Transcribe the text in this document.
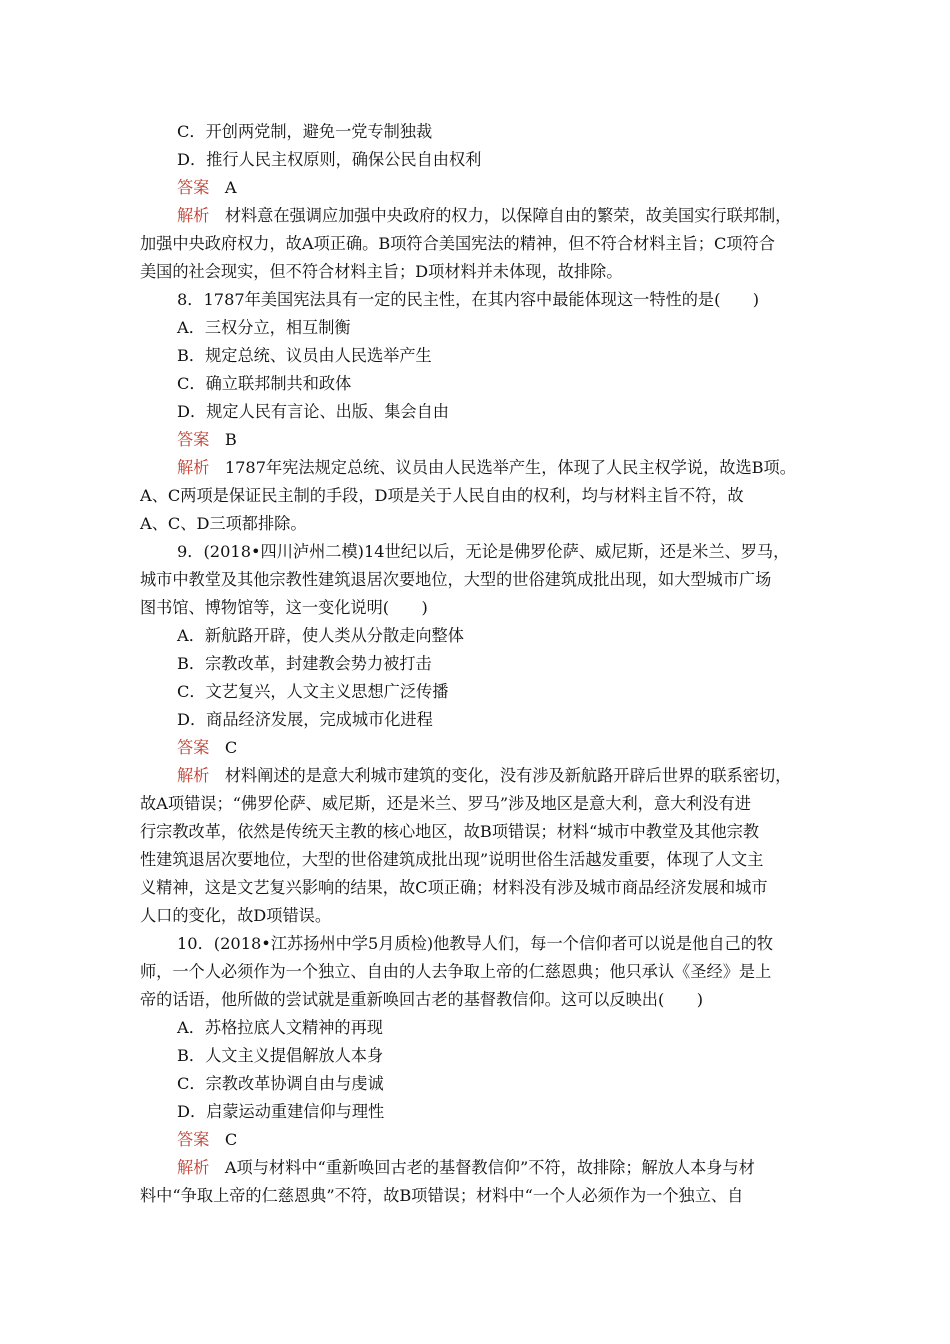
C．开创两党制，避免一党专制独裁
D．推行人民主权原则，确保公民自由权利
答案 A
解析 材料意在强调应加强中央政府的权力，以保障自由的繁荣，故美国实行联邦制，
加强中央政府权力，故A项正确。B项符合美国宪法的精神，但不符合材料主旨；C项符合
美国的社会现实，但不符合材料主旨；D项材料并未体现，故排除。
8．1787年美国宪法具有一定的民主性，在其内容中最能体现这一特性的是(　　)
A．三权分立，相互制衡
B．规定总统、议员由人民选举产生
C．确立联邦制共和政体
D．规定人民有言论、出版、集会自由
答案 B
解析 1787年宪法规定总统、议员由人民选举产生，体现了人民主权学说，故选B项。
A、C两项是保证民主制的手段，D项是关于人民自由的权利，均与材料主旨不符，故
A、C、D三项都排除。
9．(2018•四川泸州二模)14世纪以后，无论是佛罗伦萨、威尼斯，还是米兰、罗马，
城市中教堂及其他宗教性建筑退居次要地位，大型的世俗建筑成批出现，如大型城市广场
图书馆、博物馆等，这一变化说明(　　)
A．新航路开辟，使人类从分散走向整体
B．宗教改革，封建教会势力被打击
C．文艺复兴，人文主义思想广泛传播
D．商品经济发展，完成城市化进程
答案 C
解析 材料阐述的是意大利城市建筑的变化，没有涉及新航路开辟后世界的联系密切，
故A项错误；“佛罗伦萨、威尼斯，还是米兰、罗马”涉及地区是意大利，意大利没有进
行宗教改革，依然是传统天主教的核心地区，故B项错误；材料“城市中教堂及其他宗教
性建筑退居次要地位，大型的世俗建筑成批出现”说明世俗生活越发重要，体现了人文主
义精神，这是文艺复兴影响的结果，故C项正确；材料没有涉及城市商品经济发展和城市
人口的变化，故D项错误。
10．(2018•江苏扬州中学5月质检)他教导人们，每一个信仰者可以说是他自己的牧
师，一个人必须作为一个独立、自由的人去争取上帝的仁慈恩典；他只承认《圣经》是上
帝的话语，他所做的尝试就是重新唤回古老的基督教信仰。这可以反映出(　　)
A．苏格拉底人文精神的再现
B．人文主义提倡解放人本身
C．宗教改革协调自由与虔诚
D．启蒙运动重建信仰与理性
答案 C
解析 A项与材料中“重新唤回古老的基督教信仰”不符，故排除；解放人本身与材
料中“争取上帝的仁慈恩典”不符，故B项错误；材料中“一个人必须作为一个独立、自
